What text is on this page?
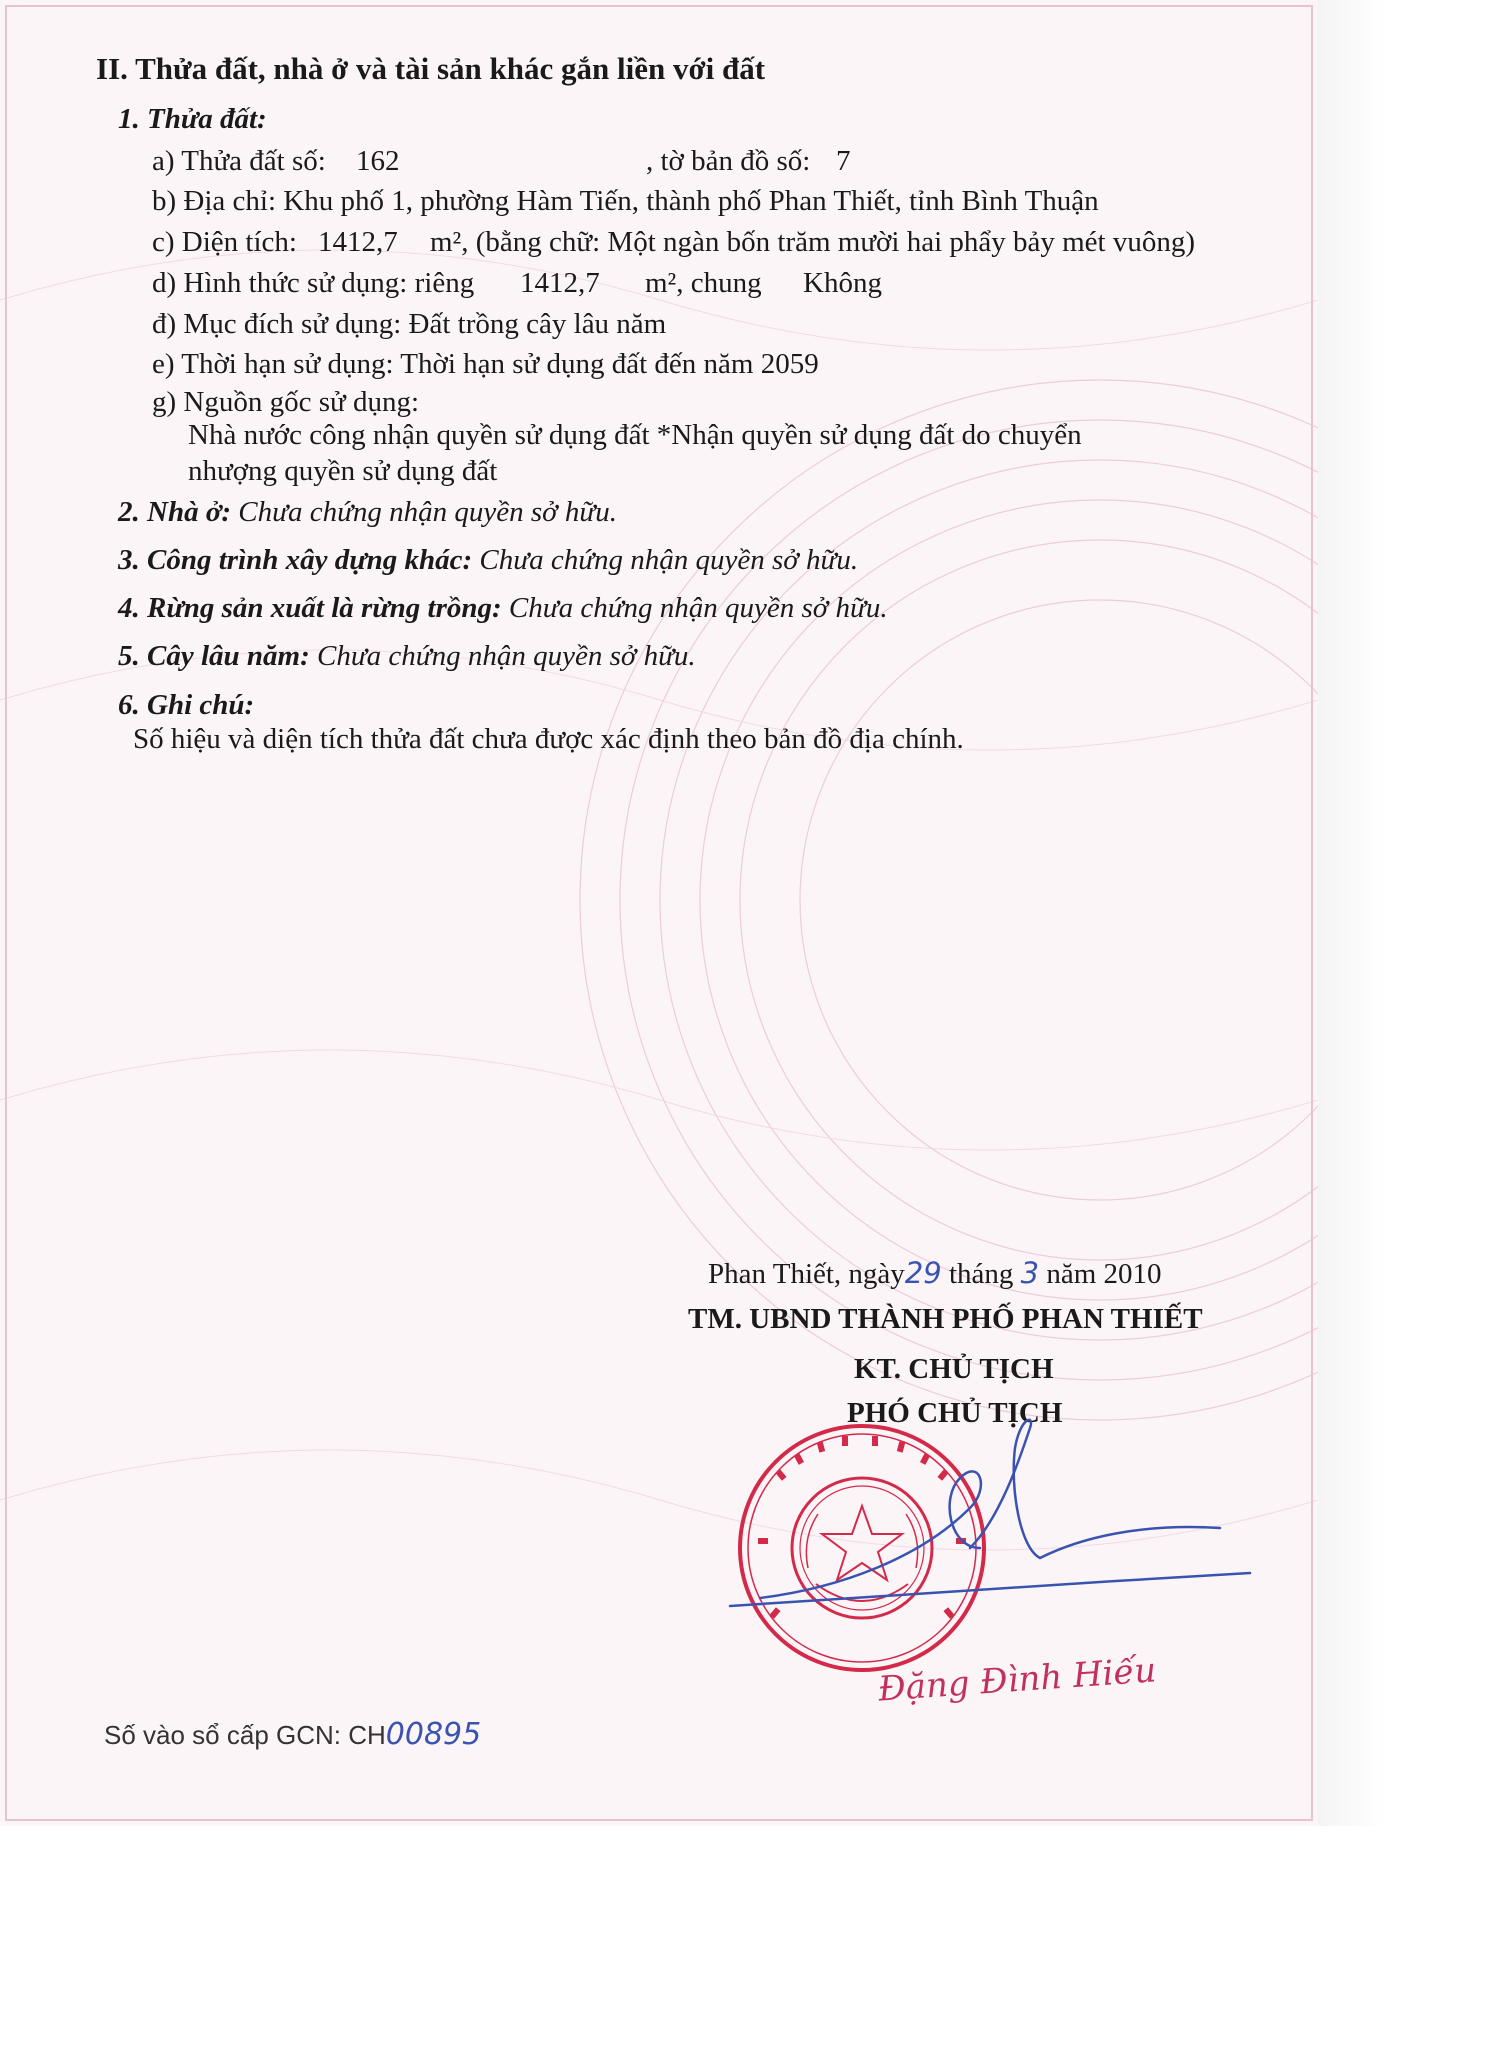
II. Thửa đất, nhà ở và tài sản khác gắn liền với đất
1. Thửa đất:
a) Thửa đất số: 162	, tờ bản đồ số: 7
b) Địa chỉ: Khu phố 1, phường Hàm Tiến, thành phố Phan Thiết, tỉnh Bình Thuận
c) Diện tích: 1412,7 m², (bằng chữ: Một ngàn bốn trăm mười hai phẩy bảy mét vuông)
d) Hình thức sử dụng: riêng 1412,7 m², chung Không
đ) Mục đích sử dụng: Đất trồng cây lâu năm
e) Thời hạn sử dụng: Thời hạn sử dụng đất đến năm 2059
g) Nguồn gốc sử dụng:
Nhà nước công nhận quyền sử dụng đất *Nhận quyền sử dụng đất do chuyển
nhượng quyền sử dụng đất
2. Nhà ở: Chưa chứng nhận quyền sở hữu.
3. Công trình xây dựng khác: Chưa chứng nhận quyền sở hữu.
4. Rừng sản xuất là rừng trồng: Chưa chứng nhận quyền sở hữu.
5. Cây lâu năm: Chưa chứng nhận quyền sở hữu.
6. Ghi chú:
Số hiệu và diện tích thửa đất chưa được xác định theo bản đồ địa chính.
Phan Thiết, ngày29 tháng 3 năm 2010
TM. UBND THÀNH PHỐ PHAN THIẾT
KT. CHỦ TỊCH
PHÓ CHỦ TỊCH
Đặng Đình Hiếu
Số vào sổ cấp GCN: CH00895
